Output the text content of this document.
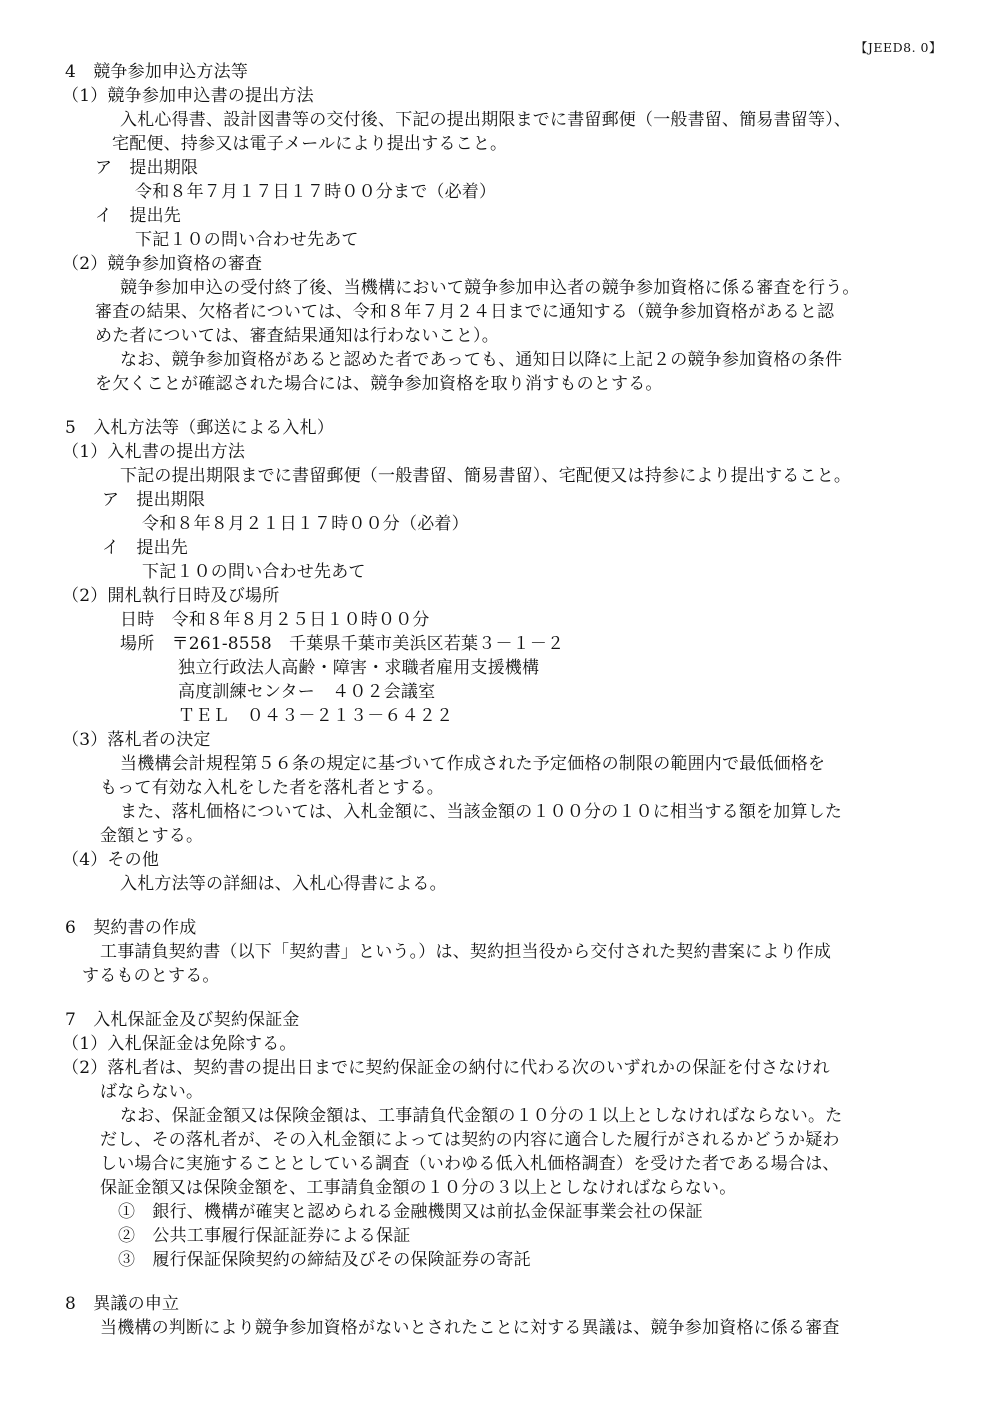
【JEED8. 0】
4　競争参加申込方法等
（1）競争参加申込書の提出方法
入札心得書、設計図書等の交付後、下記の提出期限までに書留郵便（一般書留、簡易書留等）、
宅配便、持参又は電子メールにより提出すること。
ア　提出期限
令和８年７月１７日１７時００分まで（必着）
イ　提出先
下記１０の問い合わせ先あて
（2）競争参加資格の審査
競争参加申込の受付終了後、当機構において競争参加申込者の競争参加資格に係る審査を行う。
審査の結果、欠格者については、令和８年７月２４日までに通知する（競争参加資格があると認
めた者については、審査結果通知は行わないこと）。
なお、競争参加資格があると認めた者であっても、通知日以降に上記２の競争参加資格の条件
を欠くことが確認された場合には、競争参加資格を取り消すものとする。
5　入札方法等（郵送による入札）
（1）入札書の提出方法
下記の提出期限までに書留郵便（一般書留、簡易書留）、宅配便又は持参により提出すること。
ア　提出期限
令和８年８月２１日１７時００分（必着）
イ　提出先
下記１０の問い合わせ先あて
（2）開札執行日時及び場所
日時　令和８年８月２５日１０時００分
場所　〒261-8558　千葉県千葉市美浜区若葉３－１－２
独立行政法人高齢・障害・求職者雇用支援機構
高度訓練センター　４０２会議室
ＴＥＬ　０４３－２１３－６４２２
（3）落札者の決定
当機構会計規程第５６条の規定に基づいて作成された予定価格の制限の範囲内で最低価格を
もって有効な入札をした者を落札者とする。
また、落札価格については、入札金額に、当該金額の１００分の１０に相当する額を加算した
金額とする。
（4）その他
入札方法等の詳細は、入札心得書による。
6　契約書の作成
工事請負契約書（以下「契約書」という。）は、契約担当役から交付された契約書案により作成
するものとする。
7　入札保証金及び契約保証金
（1）入札保証金は免除する。
（2）落札者は、契約書の提出日までに契約保証金の納付に代わる次のいずれかの保証を付さなけれ
ばならない。
なお、保証金額又は保険金額は、工事請負代金額の１０分の１以上としなければならない。た
だし、その落札者が、その入札金額によっては契約の内容に適合した履行がされるかどうか疑わ
しい場合に実施することとしている調査（いわゆる低入札価格調査）を受けた者である場合は、
保証金額又は保険金額を、工事請負金額の１０分の３以上としなければならない。
①　銀行、機構が確実と認められる金融機関又は前払金保証事業会社の保証
②　公共工事履行保証証券による保証
③　履行保証保険契約の締結及びその保険証券の寄託
8　異議の申立
当機構の判断により競争参加資格がないとされたことに対する異議は、競争参加資格に係る審査
